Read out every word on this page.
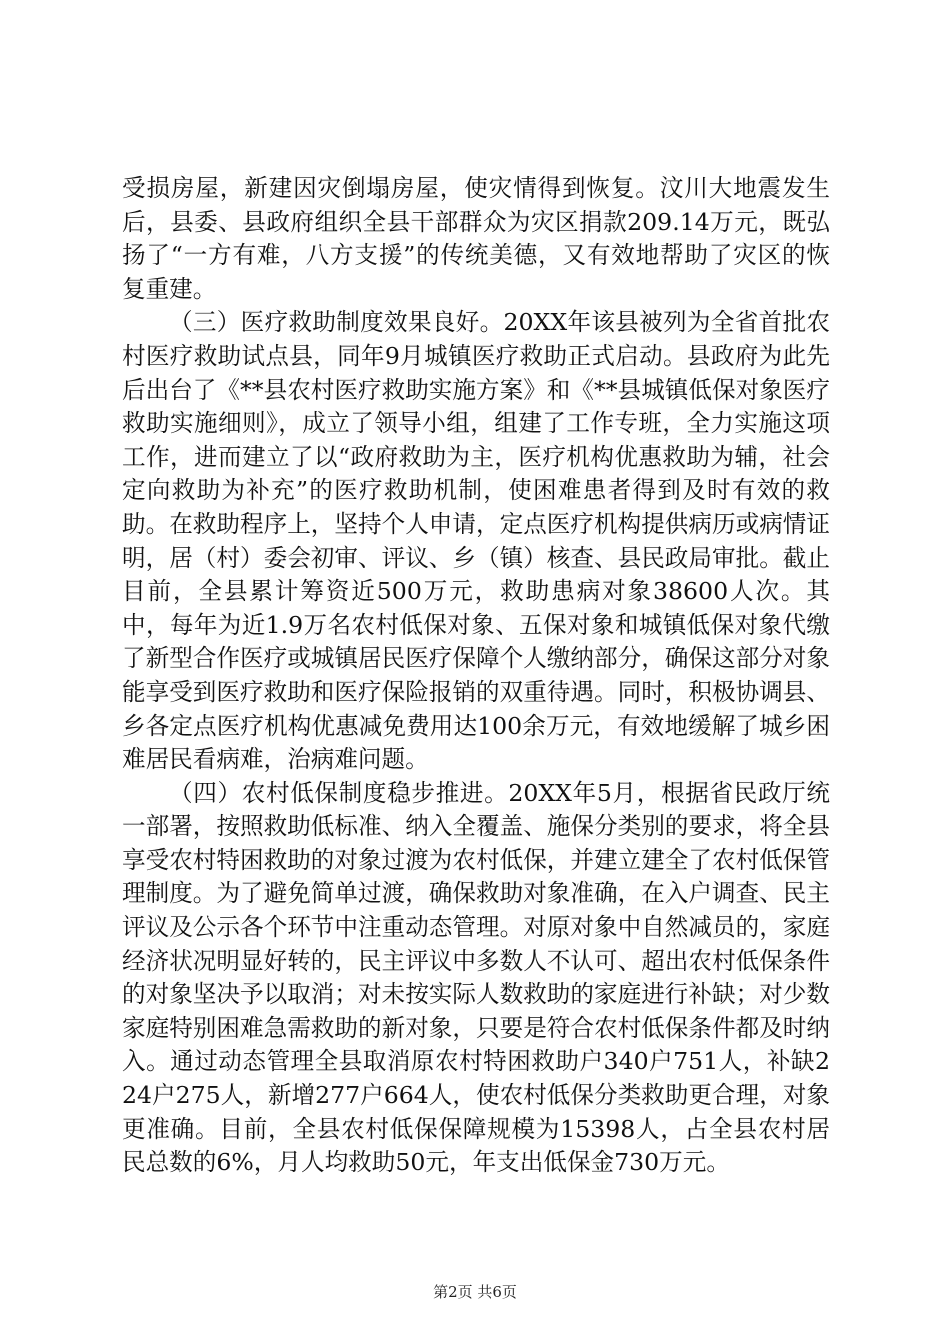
受损房屋，新建因灾倒塌房屋，使灾情得到恢复。汶川大地震发生后，县委、县政府组织全县干部群众为灾区捐款209.14万元，既弘扬了“一方有难，八方支援”的传统美德，又有效地帮助了灾区的恢复重建。

（三）医疗救助制度效果良好。20XX年该县被列为全省首批农村医疗救助试点县，同年9月城镇医疗救助正式启动。县政府为此先后出台了《**县农村医疗救助实施方案》和《**县城镇低保对象医疗救助实施细则》，成立了领导小组，组建了工作专班，全力实施这项工作，进而建立了以“政府救助为主，医疗机构优惠救助为辅，社会定向救助为补充”的医疗救助机制，使困难患者得到及时有效的救助。在救助程序上，坚持个人申请，定点医疗机构提供病历或病情证明，居（村）委会初审、评议、乡（镇）核查、县民政局审批。截止目前，全县累计筹资近500万元，救助患病对象38600人次。其中，每年为近1.9万名农村低保对象、五保对象和城镇低保对象代缴了新型合作医疗或城镇居民医疗保障个人缴纳部分，确保这部分对象能享受到医疗救助和医疗保险报销的双重待遇。同时，积极协调县、乡各定点医疗机构优惠减免费用达100余万元，有效地缓解了城乡困难居民看病难，治病难问题。

（四）农村低保制度稳步推进。20XX年5月，根据省民政厅统一部署，按照救助低标准、纳入全覆盖、施保分类别的要求，将全县享受农村特困救助的对象过渡为农村低保，并建立建全了农村低保管理制度。为了避免简单过渡，确保救助对象准确，在入户调查、民主评议及公示各个环节中注重动态管理。对原对象中自然减员的，家庭经济状况明显好转的，民主评议中多数人不认可、超出农村低保条件的对象坚决予以取消；对未按实际人数救助的家庭进行补缺；对少数家庭特别困难急需救助的新对象，只要是符合农村低保条件都及时纳入。通过动态管理全县取消原农村特困救助户340户751人，补缺224户275人，新增277户664人，使农村低保分类救助更合理，对象更准确。目前，全县农村低保保障规模为15398人，占全县农村居民总数的6%，月人均救助50元，年支出低保金730万元。

第2页 共6页
